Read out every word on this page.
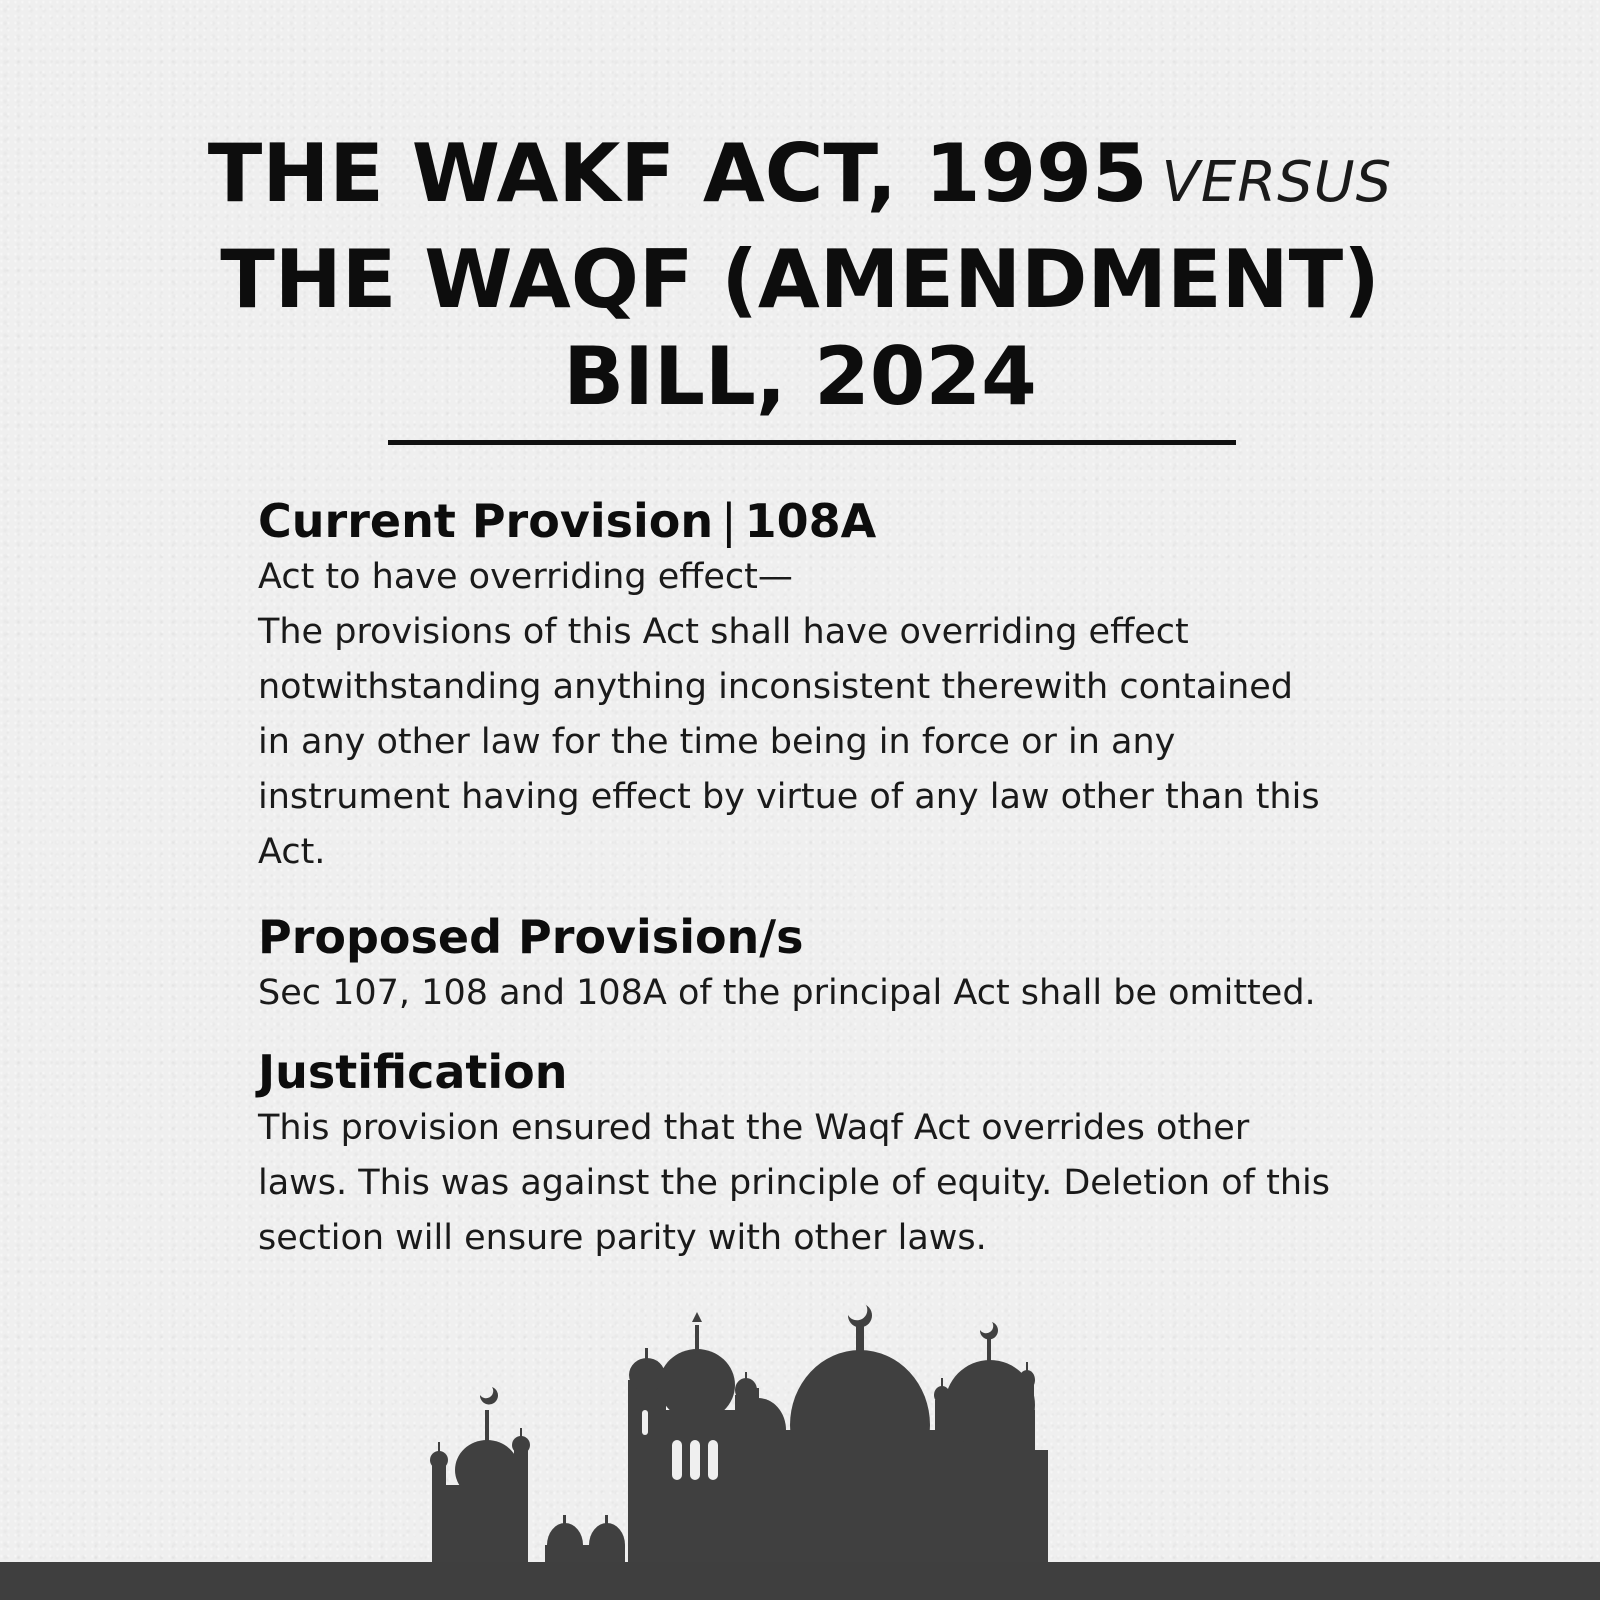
THE WAKF ACT, 1995 VERSUS
THE WAQF (AMENDMENT)
BILL, 2024
Current Provision | 108A

Act to have overriding effect—

The provisions of this Act shall have overriding effect

notwithstanding anything inconsistent therewith contained

in any other law for the time being in force or in any

instrument having effect by virtue of any law other than this

Act.

Proposed Provision/s

Sec 107, 108 and 108A of the principal Act shall be omitted.

Justification

This provision ensured that the Waqf Act overrides other

laws. This was against the principle of equity. Deletion of this

section will ensure parity with other laws.
